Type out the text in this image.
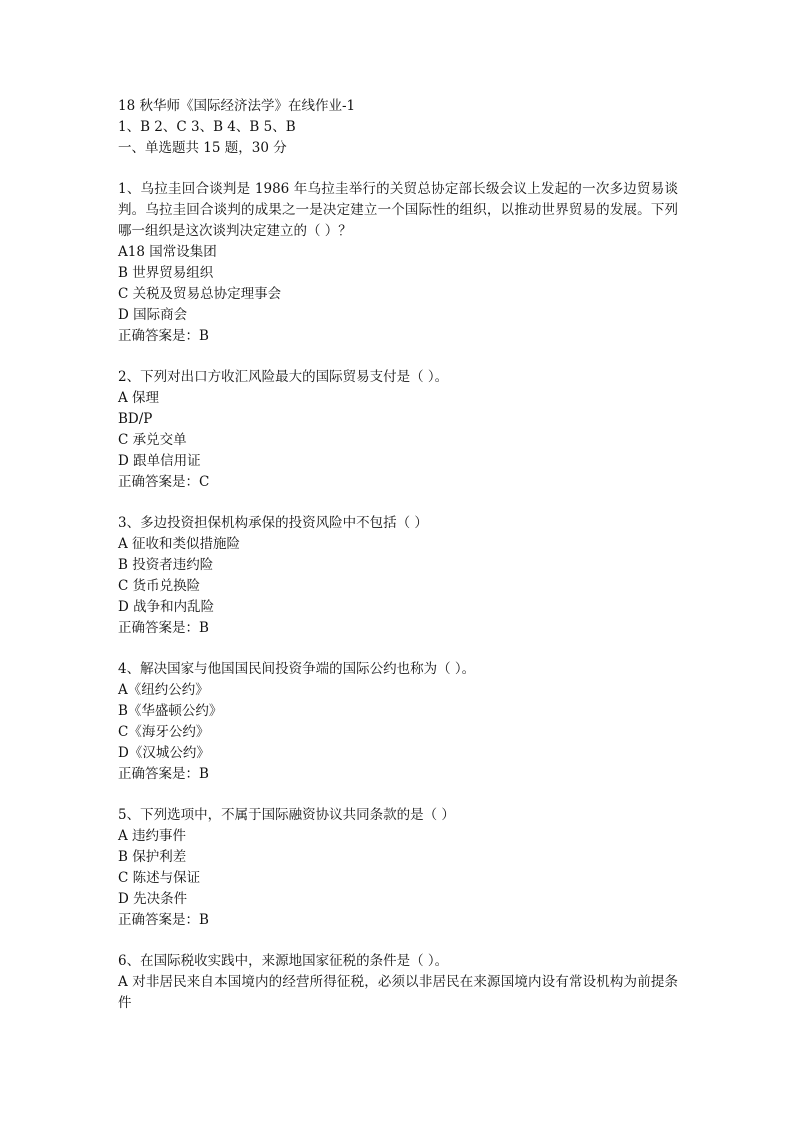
18 秋华师《国际经济法学》在线作业-1
1、B 2、C 3、B 4、B 5、B
一、单选题共 15 题，30 分
1、乌拉圭回合谈判是 1986 年乌拉圭举行的关贸总协定部长级会议上发起的一次多边贸易谈判。乌拉圭回合谈判的成果之一是决定建立一个国际性的组织，以推动世界贸易的发展。下列哪一组织是这次谈判决定建立的（ ）？
A18 国常设集团
B 世界贸易组织
C 关税及贸易总协定理事会
D 国际商会
正确答案是：B
2、下列对出口方收汇风险最大的国际贸易支付是（ ）。
A 保理
BD/P
C 承兑交单
D 跟单信用证
正确答案是：C
3、多边投资担保机构承保的投资风险中不包括（ ）
A 征收和类似措施险
B 投资者违约险
C 货币兑换险
D 战争和内乱险
正确答案是：B
4、解决国家与他国国民间投资争端的国际公约也称为（ ）。
A《纽约公约》
B《华盛顿公约》
C《海牙公约》
D《汉城公约》
正确答案是：B
5、下列选项中，不属于国际融资协议共同条款的是（ ）
A 违约事件
B 保护利差
C 陈述与保证
D 先决条件
正确答案是：B
6、在国际税收实践中，来源地国家征税的条件是（ ）。
A 对非居民来自本国境内的经营所得征税，必须以非居民在来源国境内设有常设机构为前提条件
